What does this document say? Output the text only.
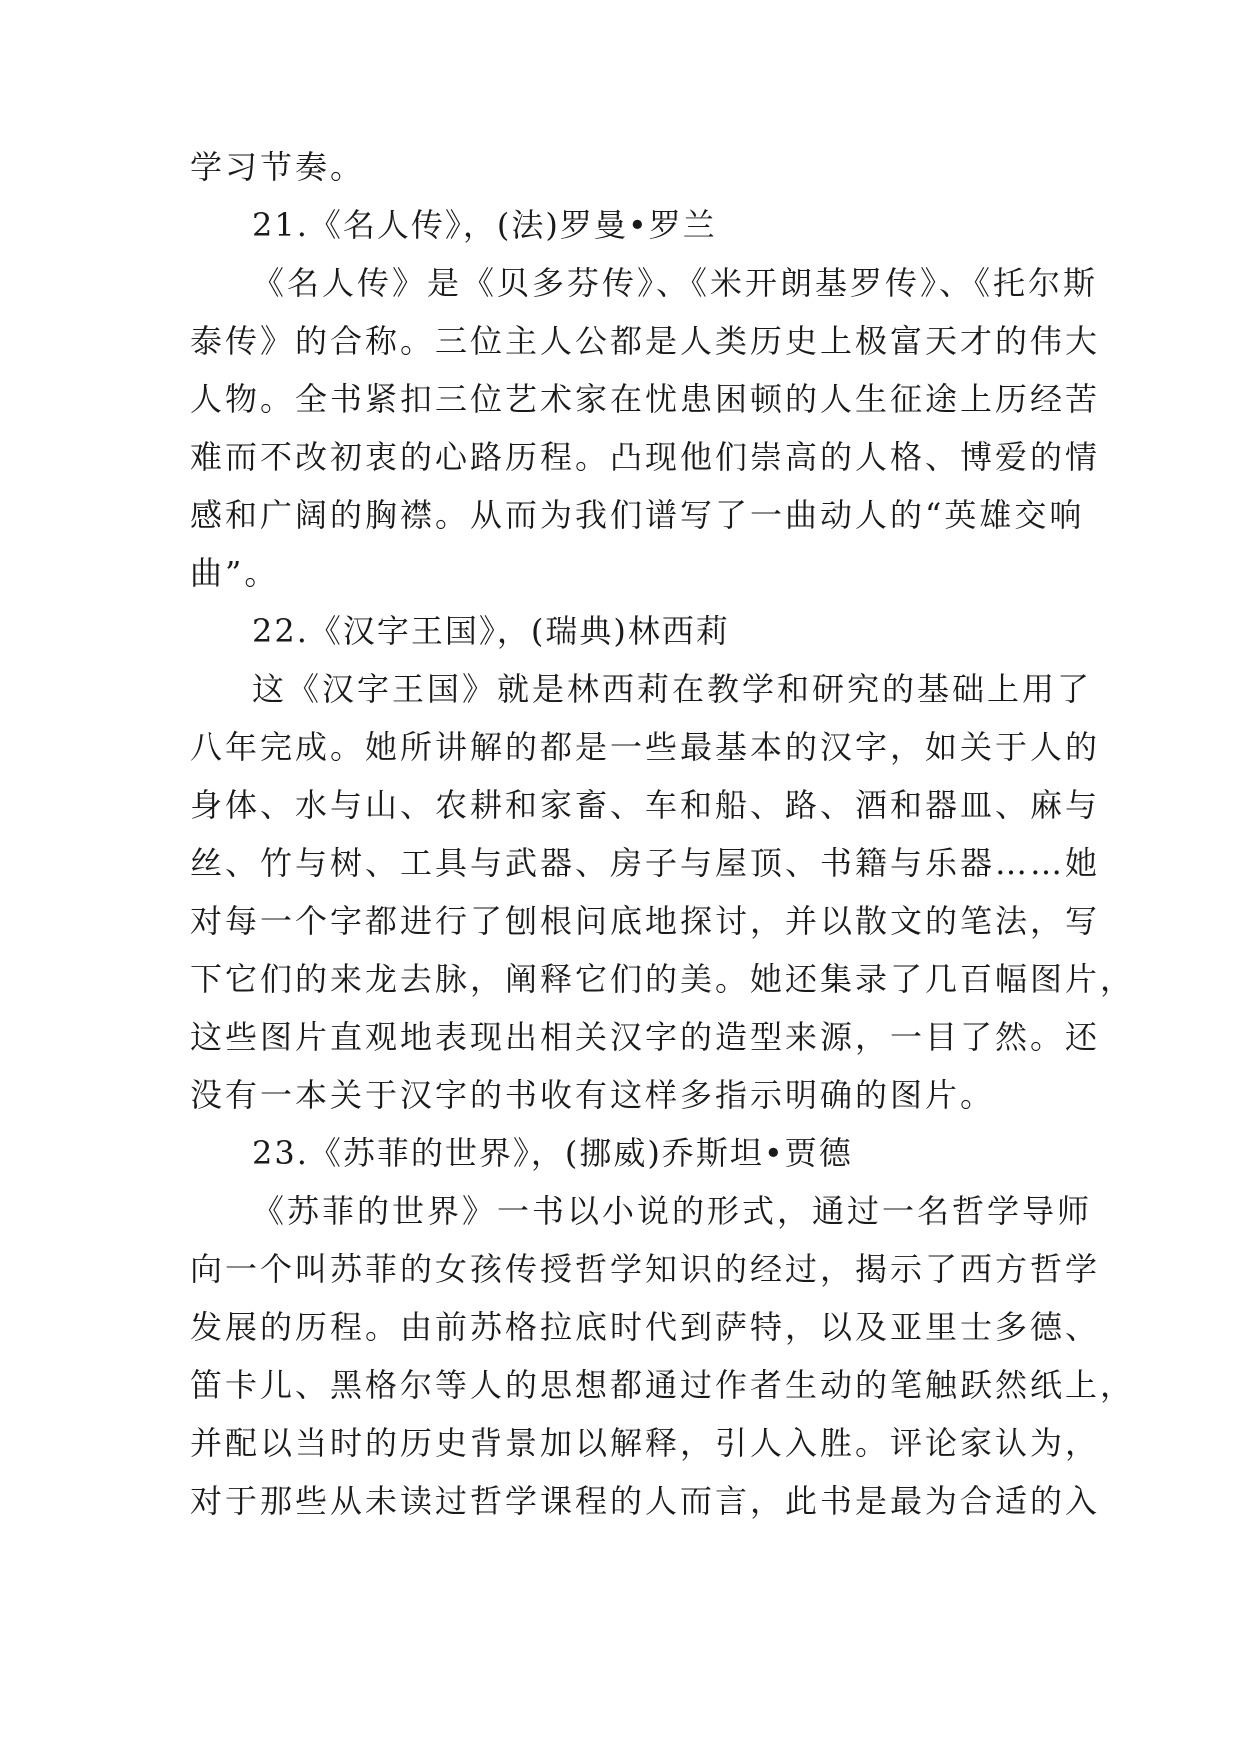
学习节奏。
21.《名人传》，(法)罗曼•罗兰
《名人传》是《贝多芬传》、《米开朗基罗传》、《托尔斯
泰传》的合称。三位主人公都是人类历史上极富天才的伟大
人物。全书紧扣三位艺术家在忧患困顿的人生征途上历经苦
难而不改初衷的心路历程。凸现他们崇高的人格、博爱的情
感和广阔的胸襟。从而为我们谱写了一曲动人的“英雄交响
曲”。
22.《汉字王国》，(瑞典)林西莉
这《汉字王国》就是林西莉在教学和研究的基础上用了
八年完成。她所讲解的都是一些最基本的汉字，如关于人的
身体、水与山、农耕和家畜、车和船、路、酒和器皿、麻与
丝、竹与树、工具与武器、房子与屋顶、书籍与乐器……她
对每一个字都进行了刨根问底地探讨，并以散文的笔法，写
下它们的来龙去脉，阐释它们的美。她还集录了几百幅图片，
这些图片直观地表现出相关汉字的造型来源，一目了然。还
没有一本关于汉字的书收有这样多指示明确的图片。
23.《苏菲的世界》，(挪威)乔斯坦•贾德
《苏菲的世界》一书以小说的形式，通过一名哲学导师
向一个叫苏菲的女孩传授哲学知识的经过，揭示了西方哲学
发展的历程。由前苏格拉底时代到萨特，以及亚里士多德、
笛卡儿、黑格尔等人的思想都通过作者生动的笔触跃然纸上，
并配以当时的历史背景加以解释，引人入胜。评论家认为，
对于那些从未读过哲学课程的人而言，此书是最为合适的入
